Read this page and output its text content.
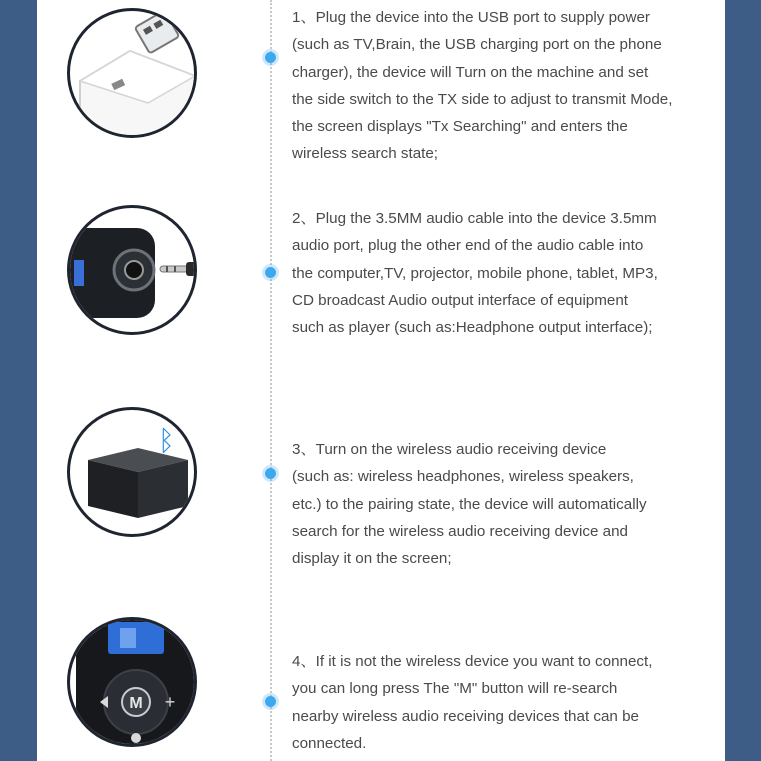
1、Plug the device into the USB port to supply power
(such as TV,Brain, the USB charging port on the phone
charger), the device will Turn on the machine and set
the side switch to the TX side to adjust to transmit Mode,
the screen displays "Tx Searching" and enters the
wireless search state;

2、Plug the 3.5MM audio cable into the device 3.5mm
audio port, plug the other end of the audio cable into
the computer,TV, projector, mobile phone, tablet, MP3,
CD broadcast Audio output interface of equipment
such as player (such as:Headphone output interface);

ᛒ	3、Turn on the wireless audio receiving device
(such as: wireless headphones, wireless speakers,
etc.) to the pairing state, the device will automatically
search for the wireless audio receiving device and
display it on the screen;

M +

4、If it is not the wireless device you want to connect,
you can long press The "M" button will re-search
nearby wireless audio receiving devices that can be
connected.
